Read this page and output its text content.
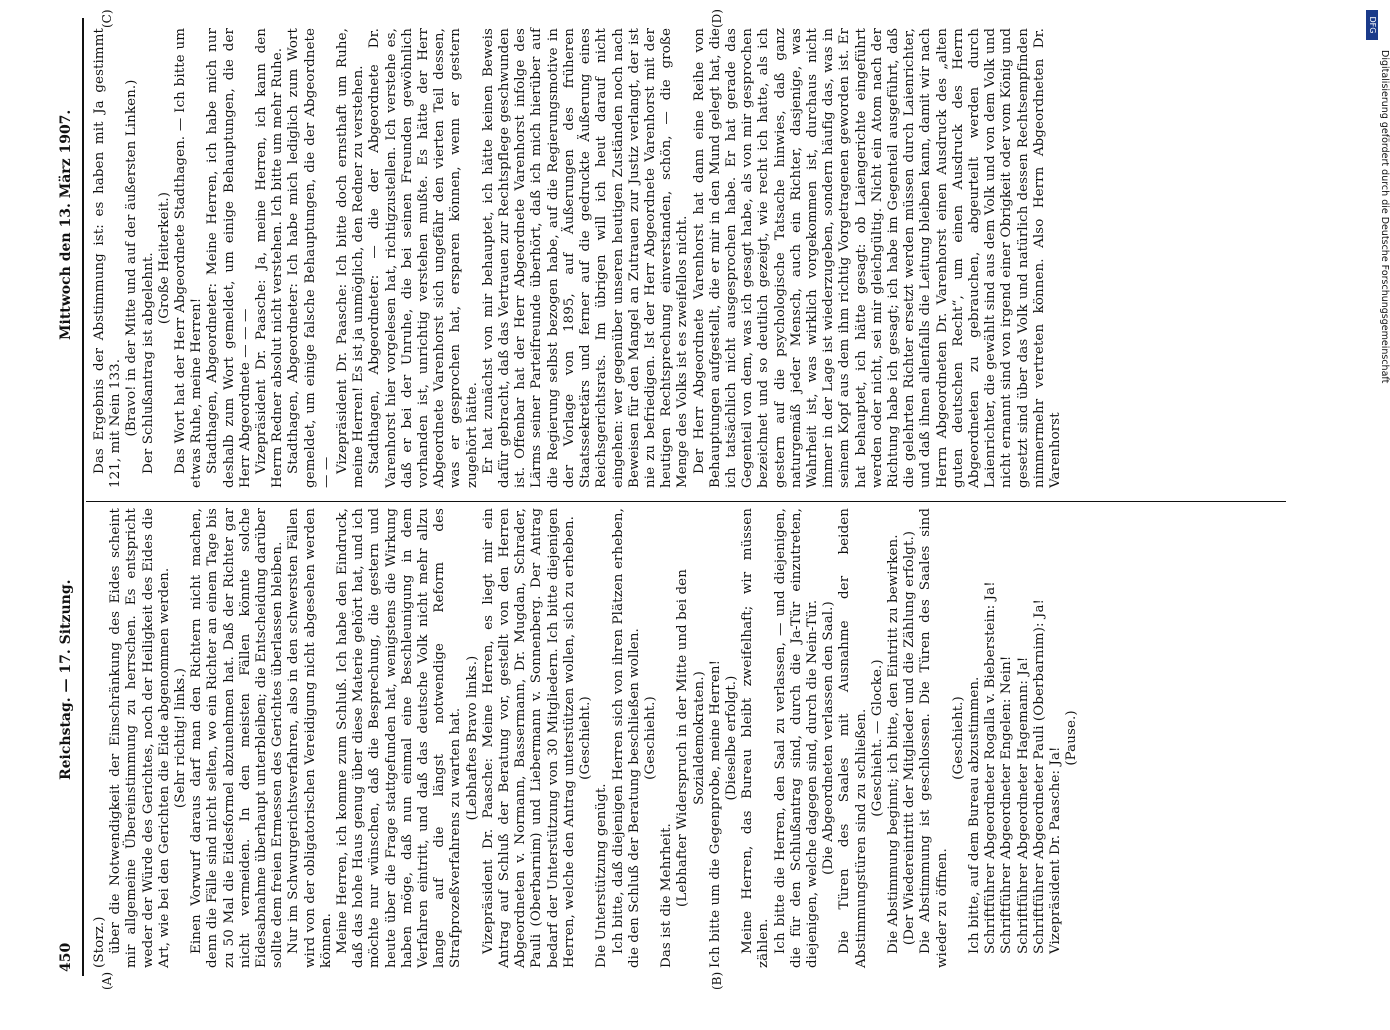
450
Reichstag. — 17. Sitzung.
Mittwoch den 13. März 1907.
(A)	(B)
(C)	(D)

(Storz.) über die Notwendigkeit der Einschränkung des Eides scheint mir allgemeine Übereinstimmung zu herrschen. Es entspricht weder der Würde des Gerichtes, noch der Heiligkeit des Eides die Art, wie bei den Gerichten die Eide abgenommen werden. (Sehr richtig! links.) Einen Vorwurf daraus darf man den Richtern nicht machen, denn die Fälle sind nicht selten, wo ein Richter an einem Tage bis zu 50 Mal die Eidesformel abzunehmen hat. Daß der Richter gar nicht vermeiden. In den meisten Fällen könnte solche Eidesabnahme überhaupt unterbleiben; die Entscheidung darüber sollte dem freien Ermessen des Gerichtes überlassen bleiben. Nur im Schwurgerichtsverfahren, also in den schwersten Fällen wird von der obligatorischen Vereidigung nicht abgesehen werden können. Meine Herren, ich komme zum Schluß. Ich habe den Eindruck, daß das hohe Haus genug über diese Materie gehört hat, und ich möchte nur wünschen, daß die Besprechung, die gestern und heute über die Frage stattgefunden hat, wenigstens die Wirkung haben möge, daß nun einmal eine Beschleunigung in dem Verfahren eintritt, und daß das deutsche Volk nicht mehr allzu lange auf die längst notwendige Reform des Strafprozeßverfahrens zu warten hat. (Lebhaftes Bravo links.) Vizepräsident Dr. Paasche: Meine Herren, es liegt mir ein Antrag auf Schluß der Beratung vor, gestellt von den Herren Abgeordneten v. Normann, Bassermann, Dr. Mugdan, Schrader, Pauli (Oberbarnim) und Liebermann v. Sonnenberg. Der Antrag bedarf der Unterstützung von 30 Mitgliedern. Ich bitte diejenigen Herren, welche den Antrag unterstützen wollen, sich zu erheben. (Geschieht.)

Die Unterstützung genügt. Ich bitte, daß diejenigen Herren sich von ihren Plätzen erheben, die den Schluß der Beratung beschließen wollen. (Geschieht.)

Das ist die Mehrheit. (Lebhafter Widerspruch in der Mitte und bei den Sozialdemokraten.) Ich bitte um die Gegenprobe, meine Herren! (Dieselbe erfolgt.) Meine Herren, das Bureau bleibt zweifelhaft; wir müssen zählen. Ich bitte die Herren, den Saal zu verlassen, — und diejenigen, die für den Schlußantrag sind, durch die Ja-Tür einzutreten, diejenigen, welche dagegen sind, durch die Nein-Tür. (Die Abgeordneten verlassen den Saal.) Die Türen des Saales mit Ausnahme der beiden Abstimmungstüren sind zu schließen. (Geschieht. — Glocke.) Die Abstimmung beginnt; ich bitte, den Eintritt zu bewirken. (Der Wiedereintritt der Mitglieder und die Zählung erfolgt.) Die Abstimmung ist geschlossen. Die Türen des Saales sind wieder zu öffnen.

(Geschieht.) Ich bitte, auf dem Bureau abzustimmen. Schriftführer Abgeordneter Rogalla v. Bieberstein: Ja! Schriftführer Abgeordneter Engelen: Nein! Schriftführer Abgeordneter Hagemann: Ja! Schriftführer Abgeordneter Pauli (Oberbarnim): Ja! Vizepräsident Dr. Paasche: Ja!

(Pause.)

Das Ergebnis der Abstimmung ist: es haben mit Ja gestimmt 121, mit Nein 133. (Bravo! in der Mitte und auf der äußersten Linken.) Der Schlußantrag ist abgelehnt. (Große Heiterkeit.) Das Wort hat der Herr Abgeordnete Stadthagen. — Ich bitte um etwas Ruhe, meine Herren! Stadthagen, Abgeordneter: Meine Herren, ich habe mich nur deshalb zum Wort gemeldet, um einige Behauptungen, die der Herr Abgeordnete — — — Vizepräsident Dr. Paasche: Ja, meine Herren, ich kann den Herrn Redner absolut nicht verstehen. Ich bitte um mehr Ruhe. Stadthagen, Abgeordneter: Ich habe mich lediglich zum Wort gemeldet, um einige falsche Behauptungen, die der Abgeordnete — — Vizepräsident Dr. Paasche: Ich bitte doch ernsthaft um Ruhe, meine Herren! Es ist ja unmöglich, den Redner zu verstehen. Stadthagen, Abgeordneter: — die der Abgeordnete Dr. Varenhorst hier vorgelesen hat, richtigzustellen. Ich verstehe es, daß er bei der Unruhe, die bei seinen Freunden gewöhnlich vorhanden ist, unrichtig verstehen mußte. Es hätte der Herr Abgeordnete Varenhorst sich ungefähr den vierten Teil dessen, was er gesprochen hat, ersparen können, wenn er gestern zugehört hätte. Er hat zunächst von mir behauptet, ich hätte keinen Beweis dafür gebracht, daß das Vertrauen zur Rechtspflege geschwunden ist. Offenbar hat der Herr Abgeordnete Varenhorst infolge des Lärms seiner Parteifreunde überhört, daß ich mich hierüber auf die Regierung selbst bezogen habe, auf die Regierungsmotive in der Vorlage von 1895, auf Äußerungen des früheren Staatssekretärs und ferner auf die gedruckte Äußerung eines Reichsgerichtsrats. Im übrigen will ich heut darauf nicht eingehen: wer gegenüber unseren heutigen Zuständen noch nach Beweisen für den Mangel an Zutrauen zur Justiz verlangt, der ist nie zu befriedigen. Ist der Herr Abgeordnete Varenhorst mit der heutigen Rechtsprechung einverstanden, schön, — die große Menge des Volks ist es zweifellos nicht. Der Herr Abgeordnete Varenhorst hat dann eine Reihe von Behauptungen aufgestellt, die er mir in den Mund gelegt hat, die ich tatsächlich nicht ausgesprochen habe. Er hat gerade das Gegenteil von dem, was ich gesagt habe, als von mir gesprochen bezeichnet und so deutlich gezeigt, wie recht ich hatte, als ich gestern auf die psychologische Tatsache hinwies, daß ganz naturgemäß jeder Mensch, auch ein Richter, dasjenige, was Wahrheit ist, was wirklich vorgekommen ist, durchaus nicht immer in der Lage ist wiederzugeben, sondern häufig das, was in seinem Kopf aus dem ihm richtig Vorgetragenen geworden ist. Er hat behauptet, ich hätte gesagt: ob Laiengerichte eingeführt werden oder nicht, sei mir gleichgültig. Nicht ein Atom nach der Richtung habe ich gesagt; ich habe im Gegenteil ausgeführt, daß die gelehrten Richter ersetzt werden müssen durch Laienrichter, und daß ihnen allenfalls die Leitung bleiben kann, damit wir nach Herrn Abgeordneten Dr. Varenhorst einen Ausdruck des „alten guten deutschen Recht“, um einen Ausdruck des Herrn Abgeordneten zu gebrauchen, abgeurteilt werden durch Laienrichter, die gewählt sind aus dem Volk und von dem Volk und nicht ernannt sind von irgend einer Obrigkeit oder vom König und gesetzt sind über das Volk und natürlich dessen Rechtsempfinden nimmermehr vertreten können. Also Herrn Abgeordneten Dr. Varenhorst

DFG
Digitalisierung gefördert durch die Deutsche Forschungsgemeinschaft
